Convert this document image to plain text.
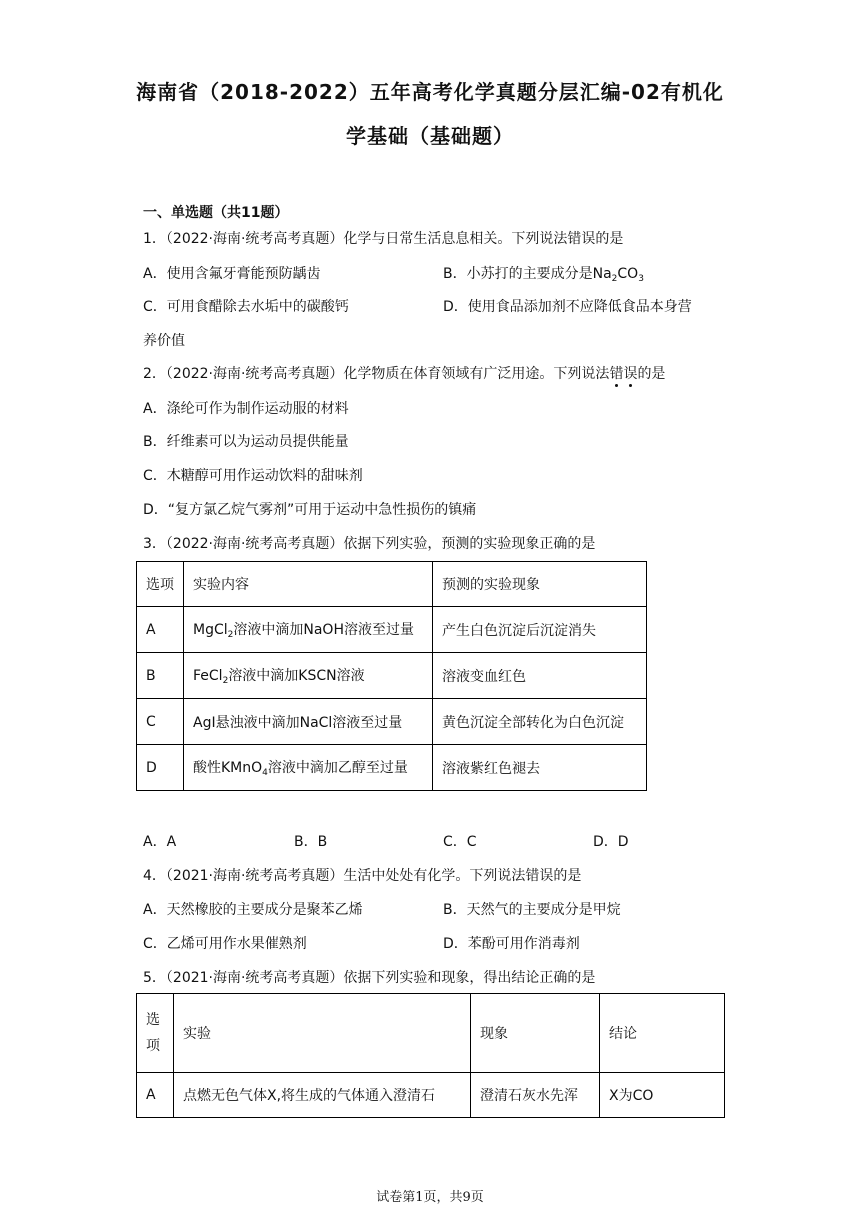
海南省（2018-2022）五年高考化学真题分层汇编-02有机化
学基础（基础题）
一、单选题（共11题）
1．（2022·海南·统考高考真题）化学与日常生活息息相关。下列说法错误的是
A．使用含氟牙膏能预防龋齿	B．小苏打的主要成分是$Na_2CO_3$
C．可用食醋除去水垢中的碳酸钙	D．使用食品添加剂不应降低食品本身营
养价值
2．（2022·海南·统考高考真题）化学物质在体育领域有广泛用途。下列说法错误的是
A．涤纶可作为制作运动服的材料
B．纤维素可以为运动员提供能量
C．木糖醇可用作运动饮料的甜味剂
D．“复方氯乙烷气雾剂”可用于运动中急性损伤的镇痛
3．（2022·海南·统考高考真题）依据下列实验，预测的实验现象正确的是
选项	实验内容	预测的实验现象
A	MgCl$_2$溶液中滴加NaOH溶液至过量	产生白色沉淀后沉淀消失
B	FeCl$_2$溶液中滴加KSCN溶液	溶液变血红色
C	AgI悬浊液中滴加NaCl溶液至过量	黄色沉淀全部转化为白色沉淀
D	酸性KMnO$_4$溶液中滴加乙醇至过量	溶液紫红色褪去
A．A	B．B	C．C	D．D
4．（2021·海南·统考高考真题）生活中处处有化学。下列说法错误的是
A．天然橡胶的主要成分是聚苯乙烯	B．天然气的主要成分是甲烷
C．乙烯可用作水果催熟剂	D．苯酚可用作消毒剂
5．（2021·海南·统考高考真题）依据下列实验和现象，得出结论正确的是
选
项	实验	现象	结论
A	点燃无色气体X,将生成的气体通入澄清石	澄清石灰水先浑	X为CO
试卷第1页，共9页
